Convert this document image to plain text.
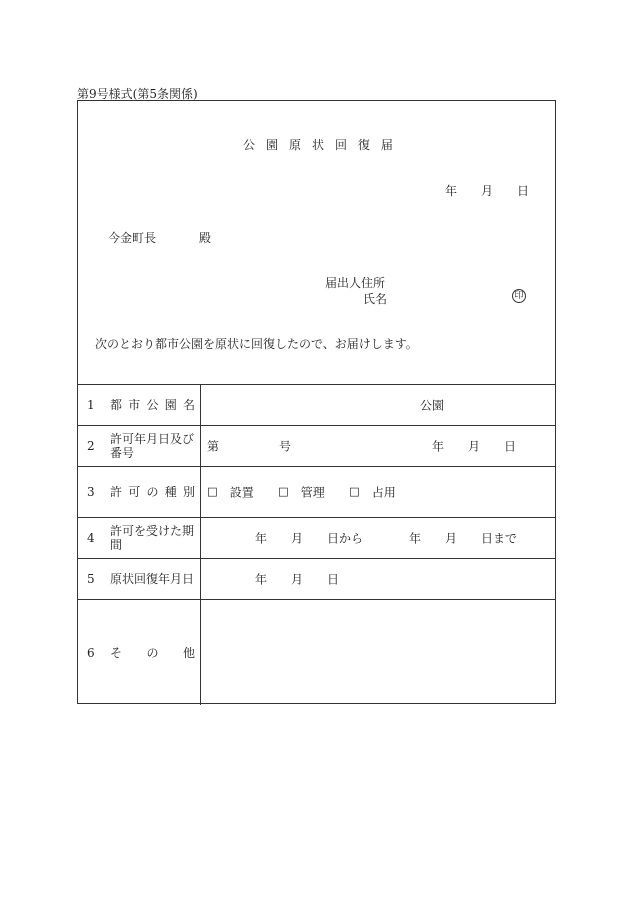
第9号様式(第5条関係)
公 園 原 状 回 復 届
年 月 日
今金町長	殿
届出人住所
氏名	印
次のとおり都市公園を原状に回復したので、お届けします。
1 都 市 公 園 名	公園
2 許可年月日及び
番号	第	号	年 月 日
3 許 可 の 種 別 ☐　設置 ☐　管理 ☐　占用
4 許可を受けた期
間	年 月 日から	年 月 日まで
5 原状回復年月日	年 月 日
6 そ の 他
